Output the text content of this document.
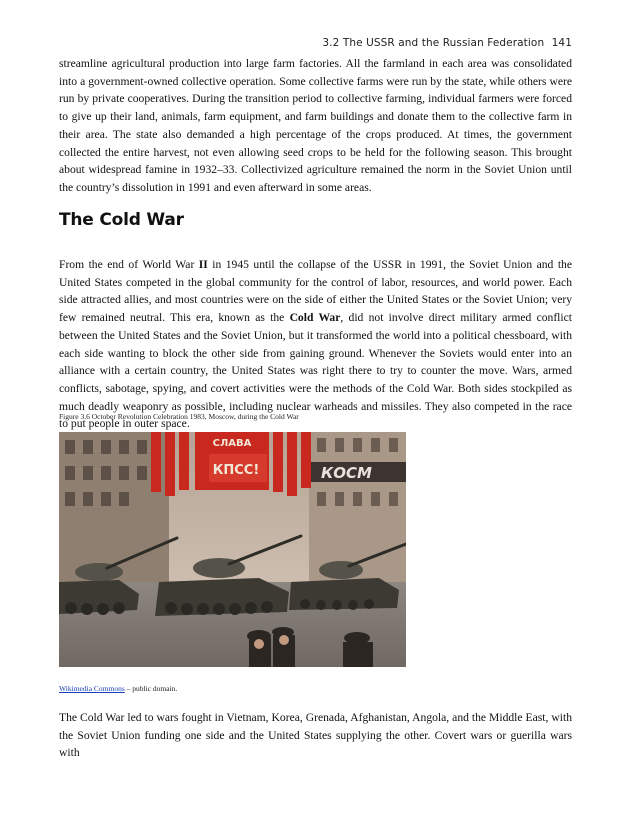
3.2 The USSR and the Russian Federation 141

streamline agricultural production into large farm factories. All the farmland in each area was consolidated into a government-owned collective operation. Some collective farms were run by the state, while others were run by private cooperatives. During the transition period to collective farming, individual farmers were forced to give up their land, animals, farm equipment, and farm buildings and donate them to the collective farm in their area. The state also demanded a high percentage of the crops produced. At times, the government collected the entire harvest, not even allowing seed crops to be held for the following season. This brought about widespread famine in 1932–33. Collectivized agriculture remained the norm in the Soviet Union until the country’s dissolution in 1991 and even afterward in some areas.

The Cold War

From the end of World War II in 1945 until the collapse of the USSR in 1991, the Soviet Union and the United States competed in the global community for the control of labor, resources, and world power. Each side attracted allies, and most countries were on the side of either the United States or the Soviet Union; very few remained neutral. This era, known as the Cold War, did not involve direct military armed conflict between the United States and the Soviet Union, but it transformed the world into a political chessboard, with each side wanting to block the other side from gaining ground. Whenever the Soviets would enter into an alliance with a certain country, the United States was right there to try to counter the move. Wars, armed conflicts, sabotage, spying, and covert activities were the methods of the Cold War. Both sides stockpiled as much deadly weaponry as possible, including nuclear warheads and missiles. They also competed in the race to put people in outer space.

Figure 3.6 October Revolution Celebration 1983, Moscow, during the Cold War
КОСМ
СЛАВА
КПСС!
Wikimedia Commons – public domain.

The Cold War led to wars fought in Vietnam, Korea, Grenada, Afghanistan, Angola, and the Middle East, with the Soviet Union funding one side and the United States supplying the other. Covert wars or guerilla wars with
